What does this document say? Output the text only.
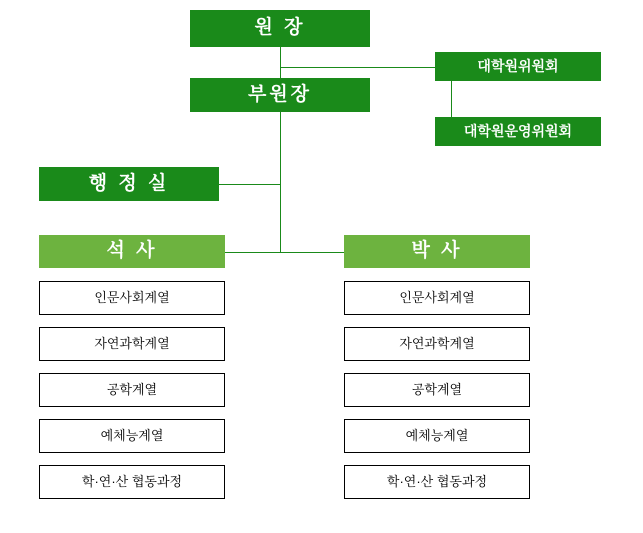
원 장
대학원위원회
부원장
대학원운영위원회
행 정 실
석 사	박 사
인문사회계열
자연과학계열
공학계열
예체능계열
학·연·산 협동과정
인문사회계열
자연과학계열
공학계열
예체능계열
학·연·산 협동과정
